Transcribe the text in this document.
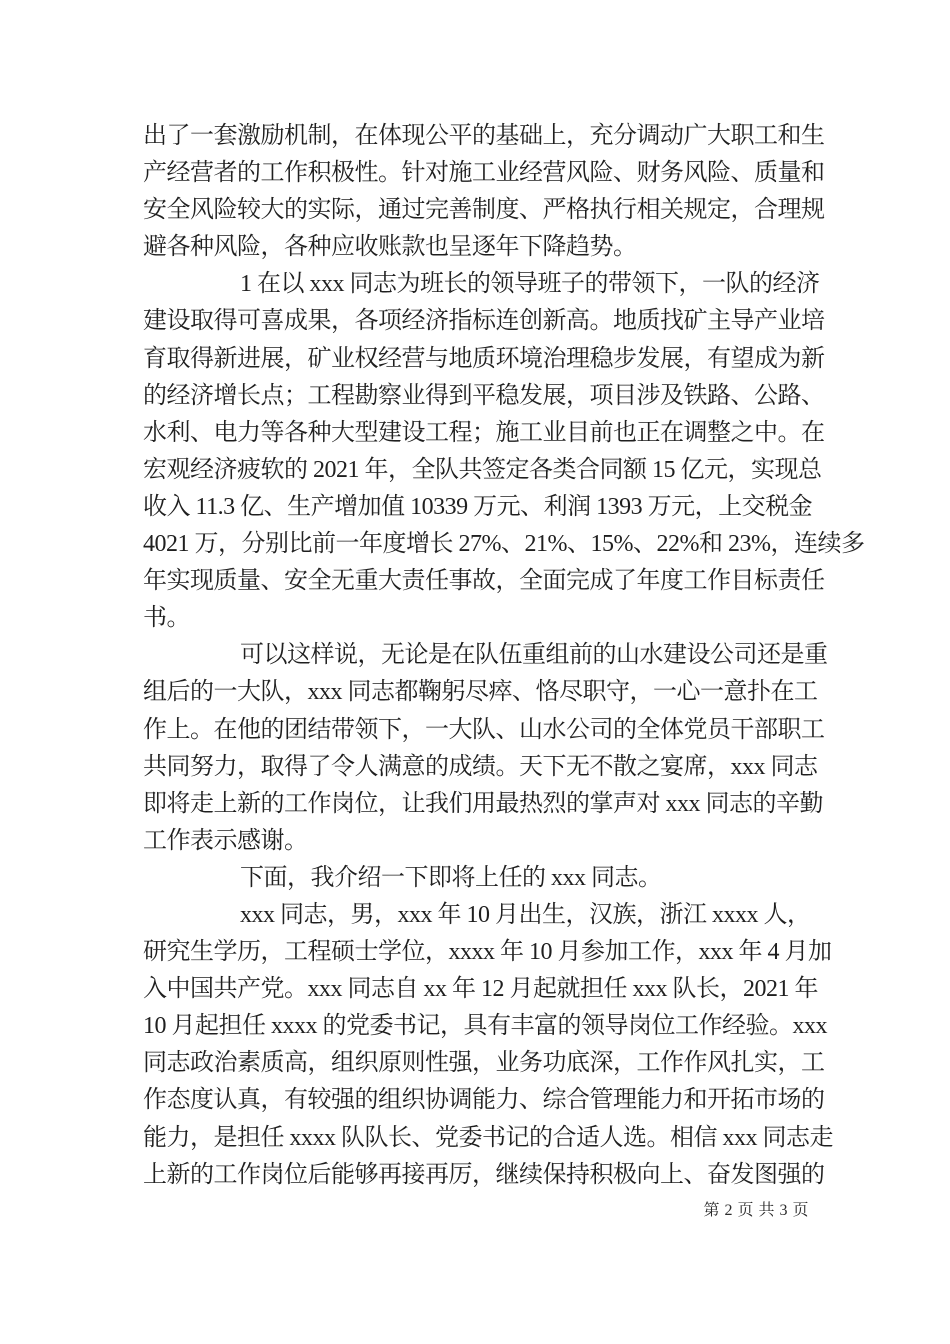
出了一套激励机制，在体现公平的基础上，充分调动广大职工和生
产经营者的工作积极性。针对施工业经营风险、财务风险、质量和
安全风险较大的实际，通过完善制度、严格执行相关规定，合理规
避各种风险，各种应收账款也呈逐年下降趋势。
1 在以 xxx 同志为班长的领导班子的带领下，一队的经济
建设取得可喜成果，各项经济指标连创新高。地质找矿主导产业培
育取得新进展，矿业权经营与地质环境治理稳步发展，有望成为新
的经济增长点；工程勘察业得到平稳发展，项目涉及铁路、公路、
水利、电力等各种大型建设工程；施工业目前也正在调整之中。在
宏观经济疲软的 2021 年，全队共签定各类合同额 15 亿元，实现总
收入 11.3 亿、生产增加值 10339 万元、利润 1393 万元，上交税金
4021 万，分别比前一年度增长 27%、21%、15%、22%和 23%，连续多
年实现质量、安全无重大责任事故，全面完成了年度工作目标责任
书。
可以这样说，无论是在队伍重组前的山水建设公司还是重
组后的一大队，xxx 同志都鞠躬尽瘁、恪尽职守，一心一意扑在工
作上。在他的团结带领下，一大队、山水公司的全体党员干部职工
共同努力，取得了令人满意的成绩。天下无不散之宴席，xxx 同志
即将走上新的工作岗位，让我们用最热烈的掌声对 xxx 同志的辛勤
工作表示感谢。
下面，我介绍一下即将上任的 xxx 同志。
xxx 同志，男，xxx 年 10 月出生，汉族，浙江 xxxx 人，
研究生学历，工程硕士学位，xxxx 年 10 月参加工作，xxx 年 4 月加
入中国共产党。xxx 同志自 xx 年 12 月起就担任 xxx 队长，2021 年
10 月起担任 xxxx 的党委书记，具有丰富的领导岗位工作经验。xxx
同志政治素质高，组织原则性强，业务功底深，工作作风扎实，工
作态度认真，有较强的组织协调能力、综合管理能力和开拓市场的
能力，是担任 xxxx 队队长、党委书记的合适人选。相信 xxx 同志走
上新的工作岗位后能够再接再厉，继续保持积极向上、奋发图强的
第 2 页 共 3 页
